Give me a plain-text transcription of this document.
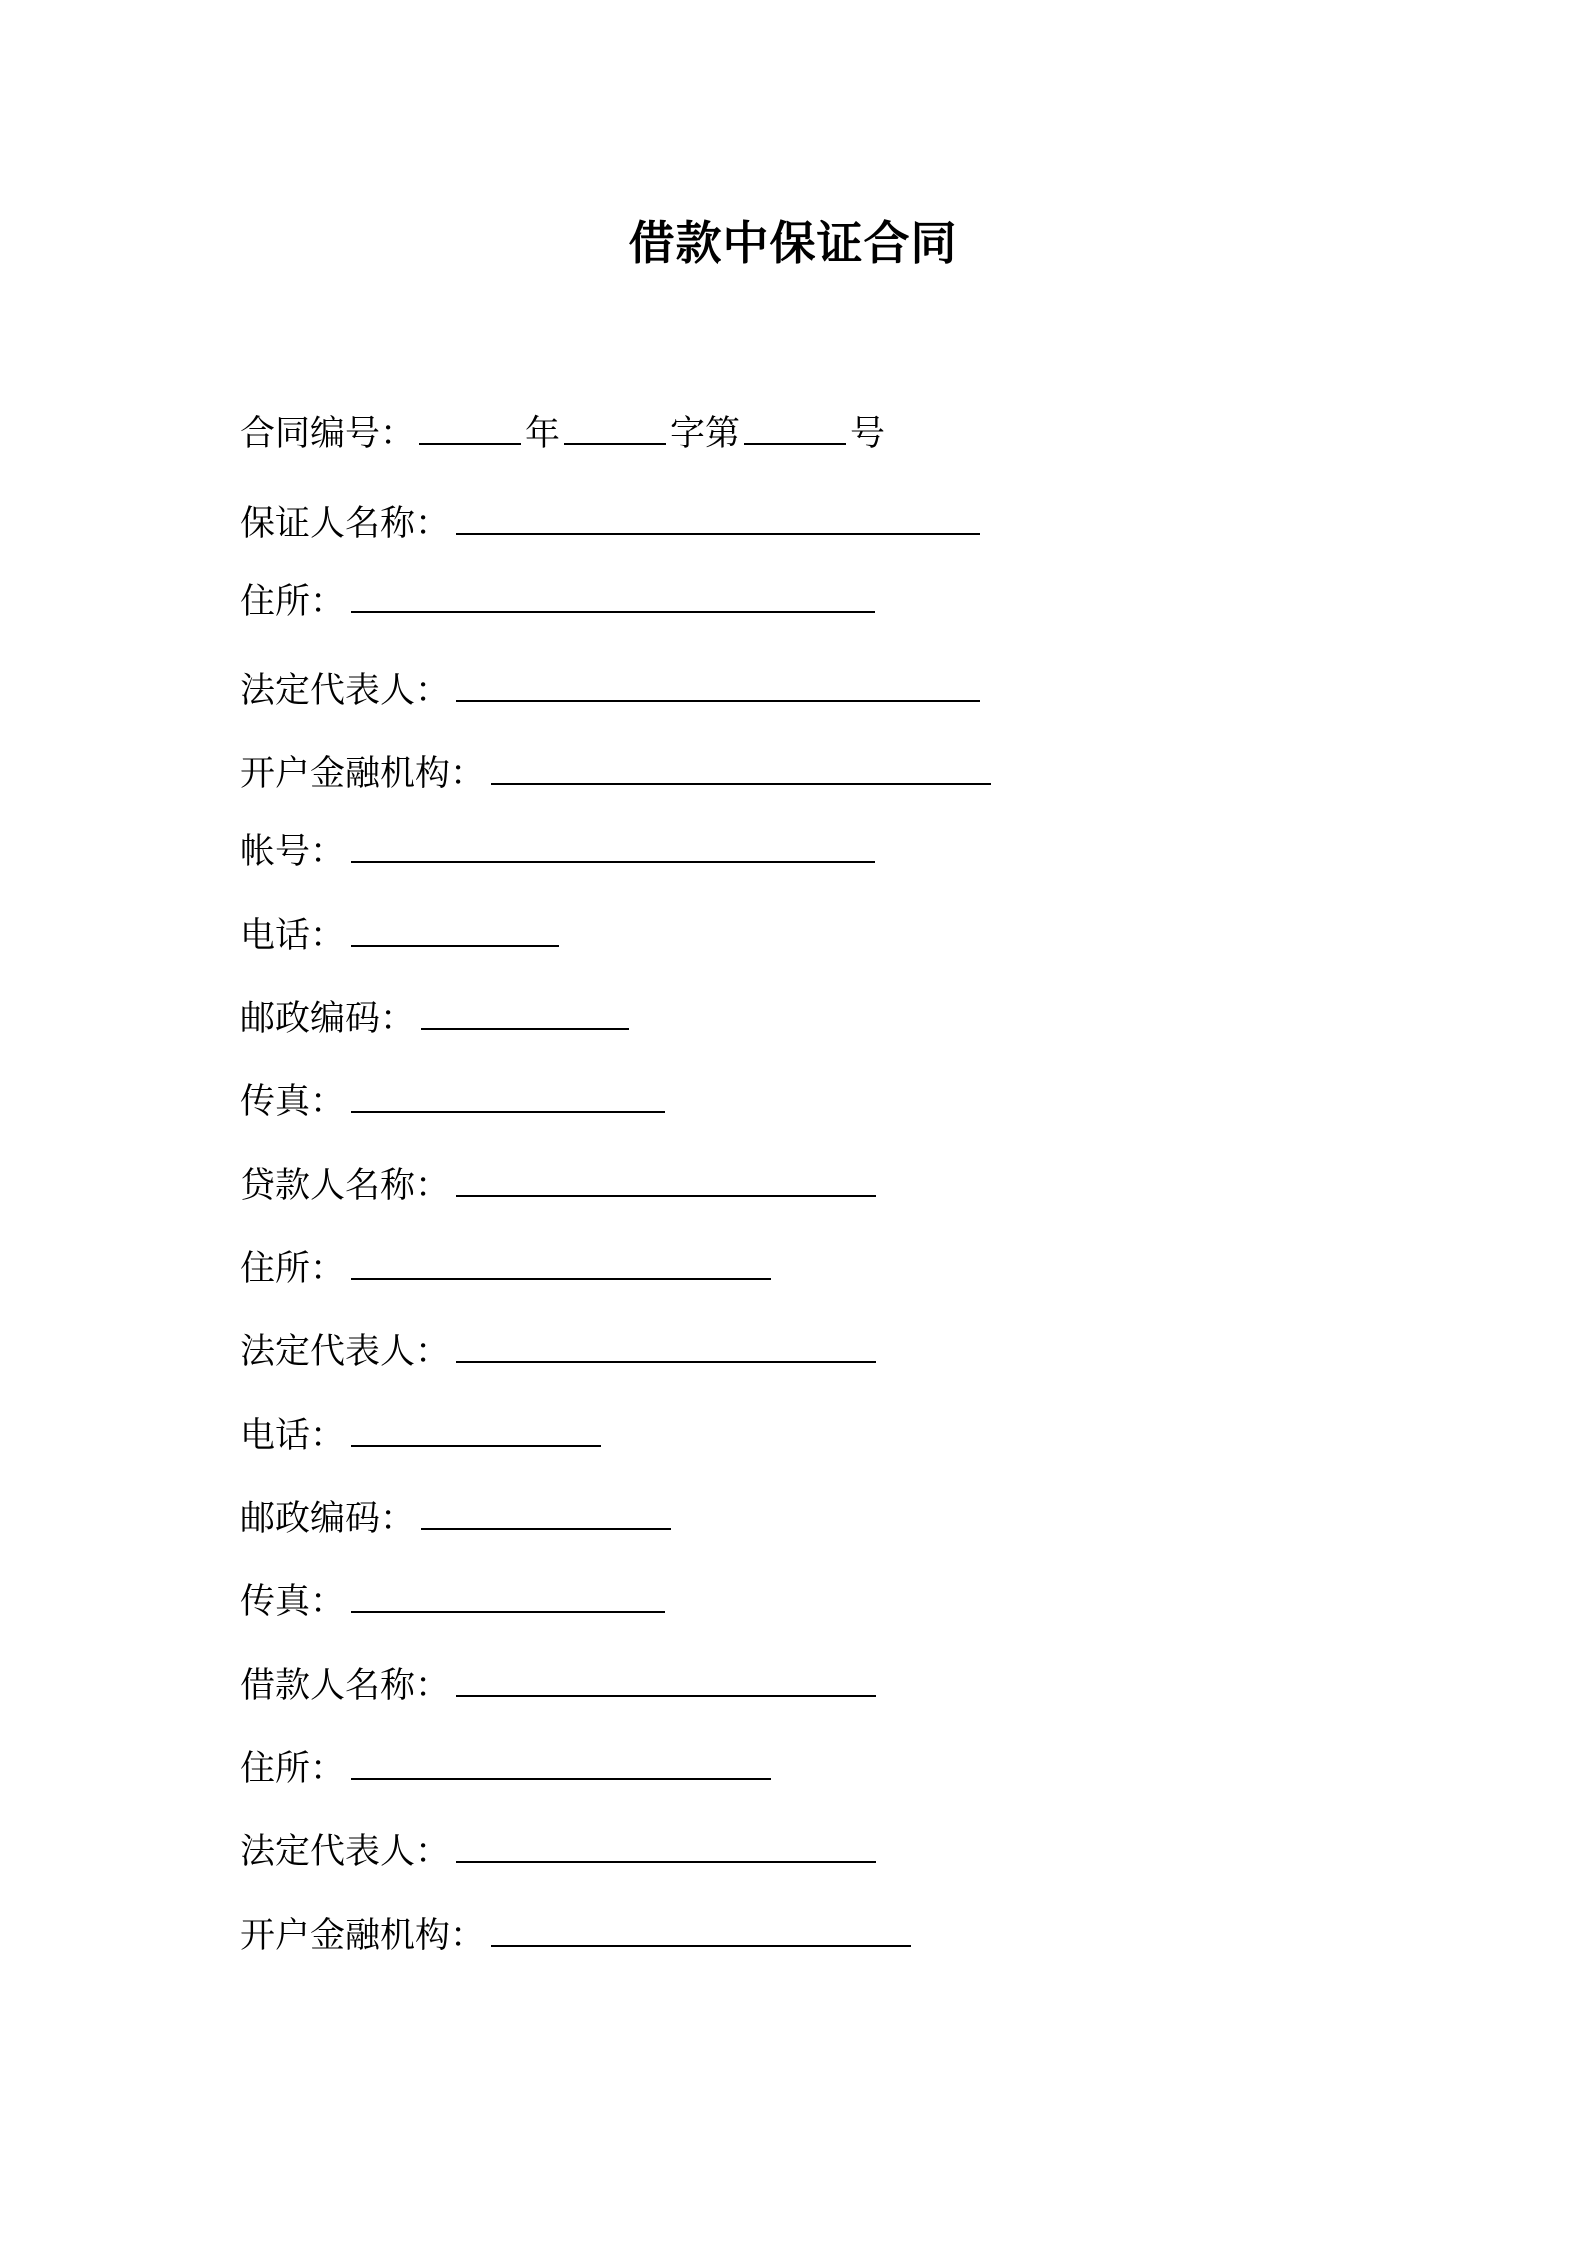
借款中保证合同
合同编号：	年	字第	号
保证人名称：
住所：
法定代表人：
开户金融机构：
帐号：
电话：
邮政编码：
传真：
贷款人名称：
住所：
法定代表人：
电话：
邮政编码：
传真：
借款人名称：
住所：
法定代表人：
开户金融机构：
